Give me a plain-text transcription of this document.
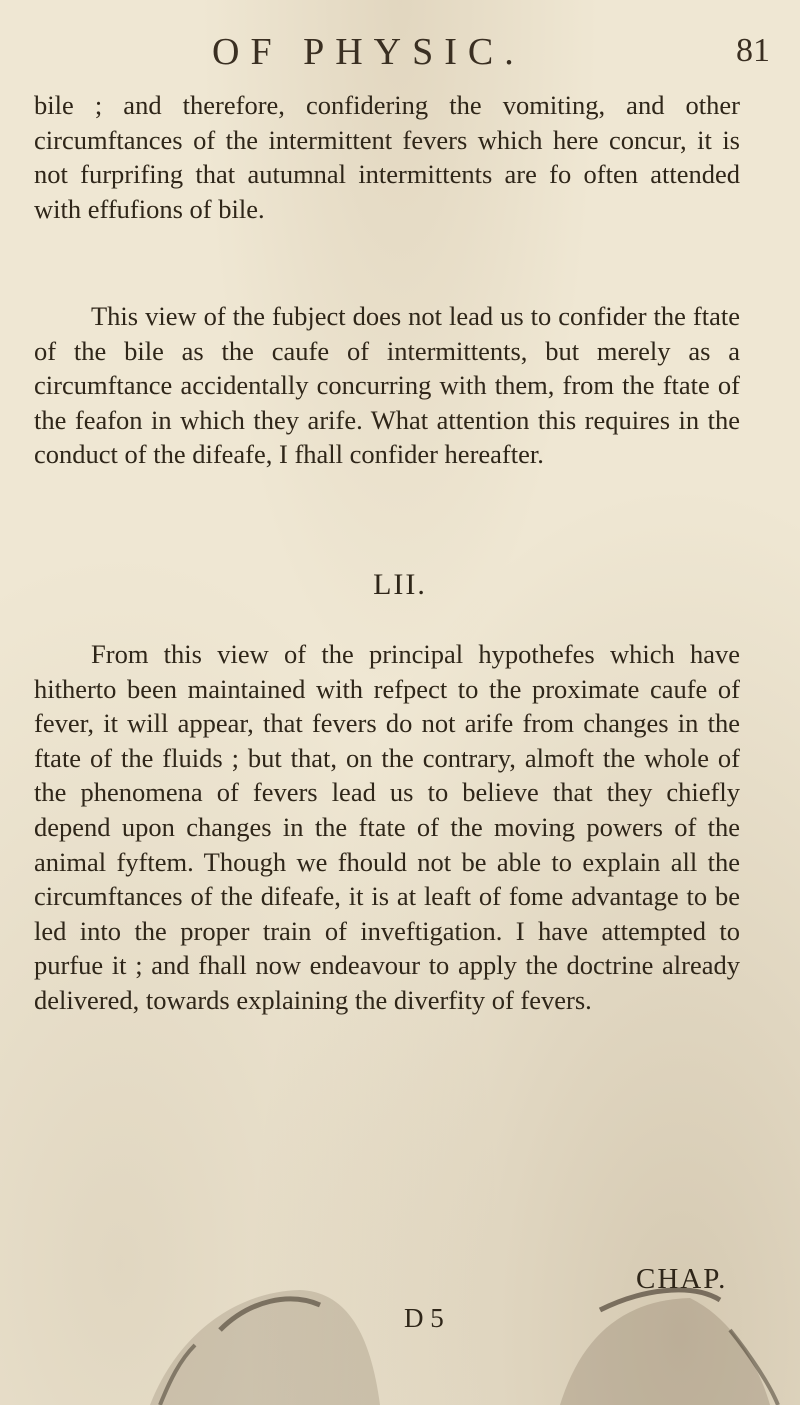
OF PHYSIC.	81

bile ; and therefore, confidering the vomiting, and other circumftances of the intermittent fevers which here concur, it is not furprifing that autumnal intermittents are fo often attended with effufions of bile.

This view of the fubject does not lead us to confider the ftate of the bile as the caufe of intermittents, but merely as a circumftance accidentally concurring with them, from the ftate of the feafon in which they arife. What attention this requires in the conduct of the difeafe, I fhall confider hereafter.

LII.

From this view of the principal hypothefes which have hitherto been maintained with refpect to the proximate caufe of fever, it will appear, that fevers do not arife from changes in the ftate of the fluids ; but that, on the contrary, almoft the whole of the phenomena of fevers lead us to believe that they chiefly depend upon changes in the ftate of the moving powers of the animal fyftem. Though we fhould not be able to explain all the circumftances of the difeafe, it is at leaft of fome advantage to be led into the proper train of inveftigation. I have attempted to purfue it ; and fhall now endeavour to apply the doctrine already delivered, towards explaining the diverfity of fevers.

D 5
CHAP.
